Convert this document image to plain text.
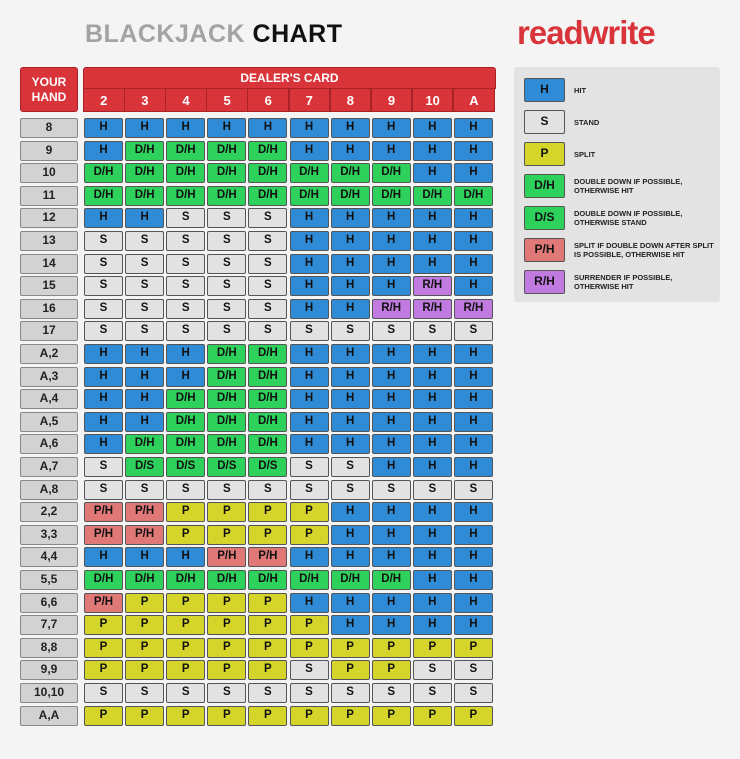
BLACKJACK CHART	readwrite
YOUR HAND
DEALER'S CARD
2	3	4	5	6	7	8	9	10	A
8	H	H	H	H	H	H	H	H	H	H
9	H	D/H	D/H	D/H	D/H	H	H	H	H	H
10	D/H	D/H	D/H	D/H	D/H	D/H	D/H	D/H	H	H
11	D/H	D/H	D/H	D/H	D/H	D/H	D/H	D/H	D/H	D/H
12	H	H	S	S	S	H	H	H	H	H
13	S	S	S	S	S	H	H	H	H	H
14	S	S	S	S	S	H	H	H	H	H
15	S	S	S	S	S	H	H	H	R/H	H
16	S	S	S	S	S	H	H	R/H	R/H	R/H
17	S	S	S	S	S	S	S	S	S	S
A,2	H	H	H	D/H	D/H	H	H	H	H	H
A,3	H	H	H	D/H	D/H	H	H	H	H	H
A,4	H	H	D/H	D/H	D/H	H	H	H	H	H
A,5	H	H	D/H	D/H	D/H	H	H	H	H	H
A,6	H	D/H	D/H	D/H	D/H	H	H	H	H	H
A,7	S	D/S	D/S	D/S	D/S	S	S	H	H	H
A,8	S	S	S	S	S	S	S	S	S	S
2,2	P/H	P/H	P	P	P	P	H	H	H	H
3,3	P/H	P/H	P	P	P	P	H	H	H	H
4,4	H	H	H	P/H	P/H	H	H	H	H	H
5,5	D/H	D/H	D/H	D/H	D/H	D/H	D/H	D/H	H	H
6,6	P/H	P	P	P	P	H	H	H	H	H
7,7	P	P	P	P	P	P	H	H	H	H
8,8	P	P	P	P	P	P	P	P	P	P
9,9	P	P	P	P	P	S	P	P	S	S
10,10	S	S	S	S	S	S	S	S	S	S
A,A	P	P	P	P	P	P	P	P	P	P
H	HIT
S	STAND
P	SPLIT
D/H	DOUBLE DOWN IF POSSIBLE, OTHERWISE HIT
D/S	DOUBLE DOWN IF POSSIBLE, OTHERWISE STAND
P/H	SPLIT IF DOUBLE DOWN AFTER SPLIT IS POSSIBLE, OTHERWISE HIT
R/H	SURRENDER IF POSSIBLE, OTHERWISE HIT
